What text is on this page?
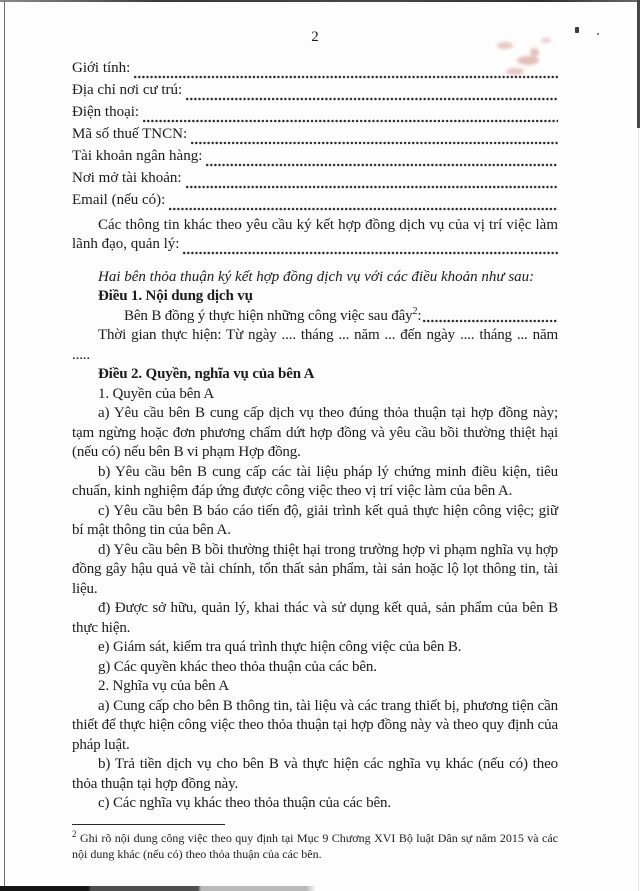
2
Giới tính:
Địa chỉ nơi cư trú:
Điện thoại:
Mã số thuế TNCN:
Tài khoản ngân hàng:
Nơi mở tài khoản:
Email (nếu có):
Các thông tin khác theo yêu cầu ký kết hợp đồng dịch vụ của vị trí việc làm
lãnh đạo, quản lý:
Hai bên thỏa thuận ký kết hợp đồng dịch vụ với các điều khoản như sau:

Điều 1. Nội dung dịch vụ

Bên B đồng ý thực hiện những công việc sau đây$^2$:

Thời gian thực hiện: Từ ngày .... tháng ... năm ... đến ngày .... tháng ... năm

.....

Điều 2. Quyền, nghĩa vụ của bên A

1. Quyền của bên A

a) Yêu cầu bên B cung cấp dịch vụ theo đúng thỏa thuận tại hợp đồng này; tạm ngừng hoặc đơn phương chấm dứt hợp đồng và yêu cầu bồi thường thiệt hại (nếu có) nếu bên B vi phạm Hợp đồng.

b) Yêu cầu bên B cung cấp các tài liệu pháp lý chứng minh điều kiện, tiêu chuẩn, kinh nghiệm đáp ứng được công việc theo vị trí việc làm của bên A.

c) Yêu cầu bên B báo cáo tiến độ, giải trình kết quả thực hiện công việc; giữ bí mật thông tin của bên A.

d) Yêu cầu bên B bồi thường thiệt hại trong trường hợp vi phạm nghĩa vụ hợp đồng gây hậu quả về tài chính, tổn thất sản phẩm, tài sản hoặc lộ lọt thông tin, tài liệu.

đ) Được sở hữu, quản lý, khai thác và sử dụng kết quả, sản phẩm của bên B thực hiện.

e) Giám sát, kiểm tra quá trình thực hiện công việc của bên B.

g) Các quyền khác theo thỏa thuận của các bên.

2. Nghĩa vụ của bên A

a) Cung cấp cho bên B thông tin, tài liệu và các trang thiết bị, phương tiện cần thiết để thực hiện công việc theo thỏa thuận tại hợp đồng này và theo quy định của pháp luật.

b) Trả tiền dịch vụ cho bên B và thực hiện các nghĩa vụ khác (nếu có) theo thỏa thuận tại hợp đồng này.

c) Các nghĩa vụ khác theo thỏa thuận của các bên.

$^2$ Ghi rõ nội dung công việc theo quy định tại Mục 9 Chương XVI Bộ luật Dân sự năm 2015 và các nội dung khác (nếu có) theo thỏa thuận của các bên.
